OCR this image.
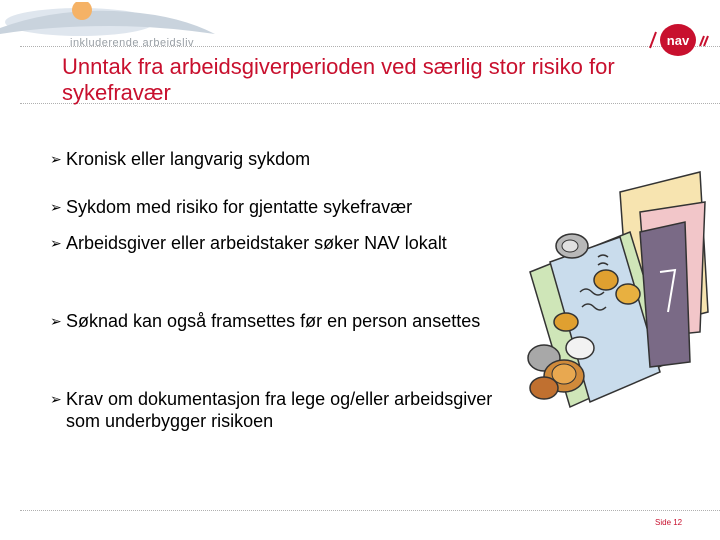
inkluderende arbeidsliv	nav
Unntak fra arbeidsgiverperioden ved særlig stor risiko for sykefravær
➢ Kronisk eller langvarig sykdom
➢ Sykdom med risiko for gjentatte sykefravær
➢ Arbeidsgiver eller arbeidstaker søker NAV lokalt
➢ Søknad kan også framsettes før en person ansettes
➢ Krav om dokumentasjon fra lege og/eller arbeidsgiver som underbygger risikoen
Side 12
